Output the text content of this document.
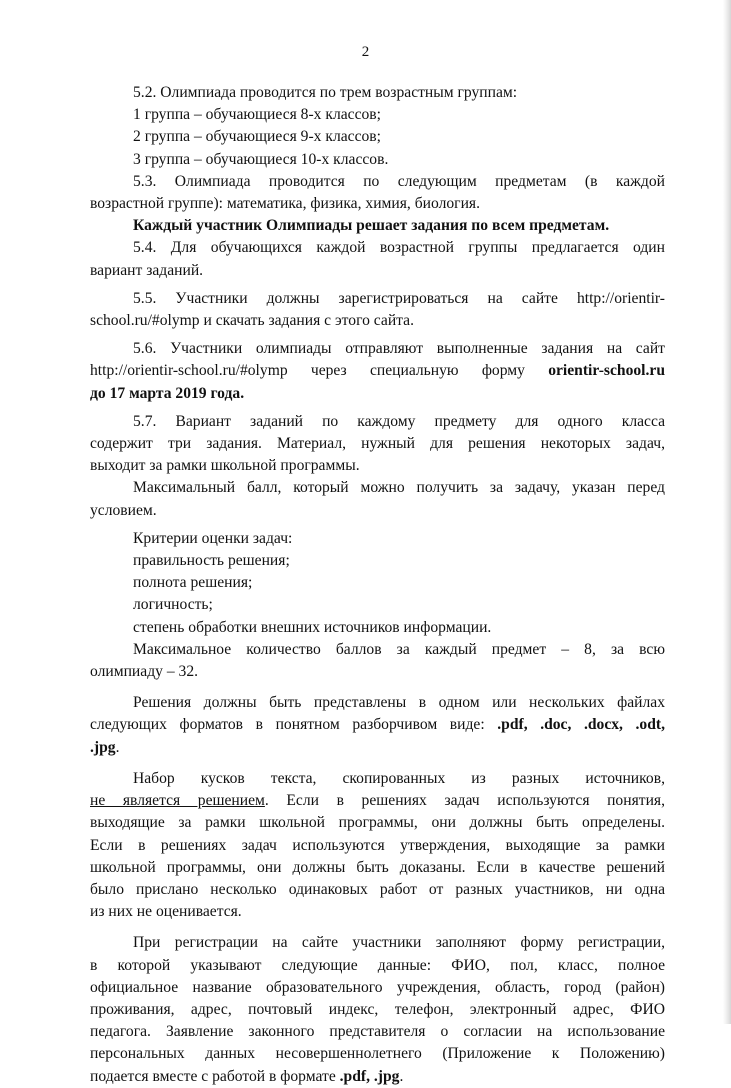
2

5.2. Олимпиада проводится по трем возрастным группам:

1 группа – обучающиеся 8-х классов;

2 группа – обучающиеся 9-х классов;

3 группа – обучающиеся 10-х классов.

5.3. Олимпиада проводится по следующим предметам (в каждой

возрастной группе): математика, физика, химия, биология.

Каждый участник Олимпиады решает задания по всем предметам.

5.4. Для обучающихся каждой возрастной группы предлагается один

вариант заданий.

5.5. Участники должны зарегистрироваться на сайте http://orientir-

school.ru/#olymp и скачать задания с этого сайта.

5.6. Участники олимпиады отправляют выполненные задания на сайт

http://orientir-school.ru/#olymp через специальную форму orientir-school.ru

до 17 марта 2019 года.

5.7. Вариант заданий по каждому предмету для одного класса

содержит три задания. Материал, нужный для решения некоторых задач,

выходит за рамки школьной программы.

Максимальный балл, который можно получить за задачу, указан перед

условием.

Критерии оценки задач:

правильность решения;

полнота решения;

логичность;

степень обработки внешних источников информации.

Максимальное количество баллов за каждый предмет – 8, за всю

олимпиаду – 32.

Решения должны быть представлены в одном или нескольких файлах

следующих форматов в понятном разборчивом виде: .pdf, .doc, .docx, .odt,

.jpg.

Набор кусков текста, скопированных из разных источников,

не является решением. Если в решениях задач используются понятия,

выходящие за рамки школьной программы, они должны быть определены.

Если в решениях задач используются утверждения, выходящие за рамки

школьной программы, они должны быть доказаны. Если в качестве решений

было прислано несколько одинаковых работ от разных участников, ни одна

из них не оценивается.

При регистрации на сайте участники заполняют форму регистрации,

в которой указывают следующие данные: ФИО, пол, класс, полное

официальное название образовательного учреждения, область, город (район)

проживания, адрес, почтовый индекс, телефон, электронный адрес, ФИО

педагога. Заявление законного представителя о согласии на использование

персональных данных несовершеннолетнего (Приложение к Положению)

подается вместе с работой в формате .pdf, .jpg.
